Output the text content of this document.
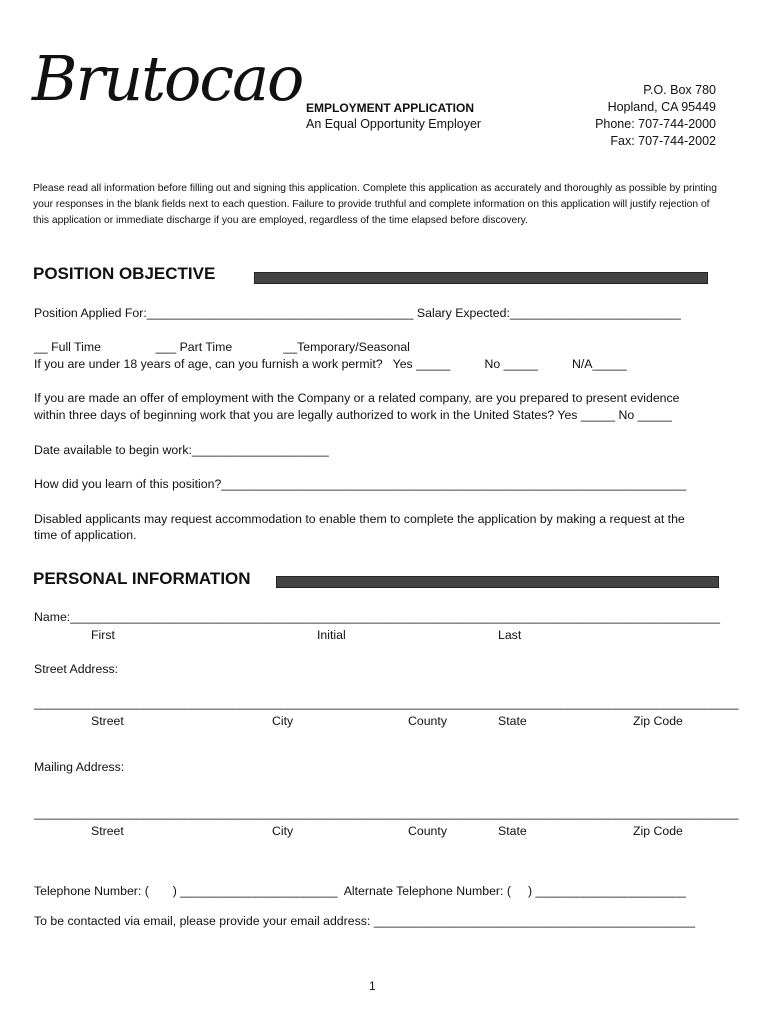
Brutocao EMPLOYMENT APPLICATION
An Equal Opportunity Employer
P.O. Box 780
Hopland, CA 95449
Phone: 707-744-2000
Fax: 707-744-2002
Please read all information before filling out and signing this application. Complete this application as accurately and thoroughly as possible by printing your responses in the blank fields next to each question. Failure to provide truthful and complete information on this application will justify rejection of this application or immediate discharge if you are employed, regardless of the time elapsed before discovery.
POSITION OBJECTIVE
Position Applied For:_______________________________________ Salary Expected:_________________________
__ Full Time                ___ Part Time               __Temporary/Seasonal
If you are under 18 years of age, can you furnish a work permit?   Yes _____          No _____          N/A_____
If you are made an offer of employment with the Company or a related company, are you prepared to present evidence
within three days of beginning work that you are legally authorized to work in the United States? Yes _____ No _____
Date available to begin work:____________________
How did you learn of this position?____________________________________________________________________
Disabled applicants may request accommodation to enable them to complete the application by making a request at the
time of application.
PERSONAL INFORMATION
Name:_______________________________________________________________________________________________
First	Initial	Last
Street Address:
_______________________________________________________________________________________________________
Street	City	County	State	Zip Code
Mailing Address:
_______________________________________________________________________________________________________
Street	City	County	State	Zip Code
Telephone Number: (       ) _______________________  Alternate Telephone Number: (     ) ______________________
To be contacted via email, please provide your email address: _______________________________________________
1
